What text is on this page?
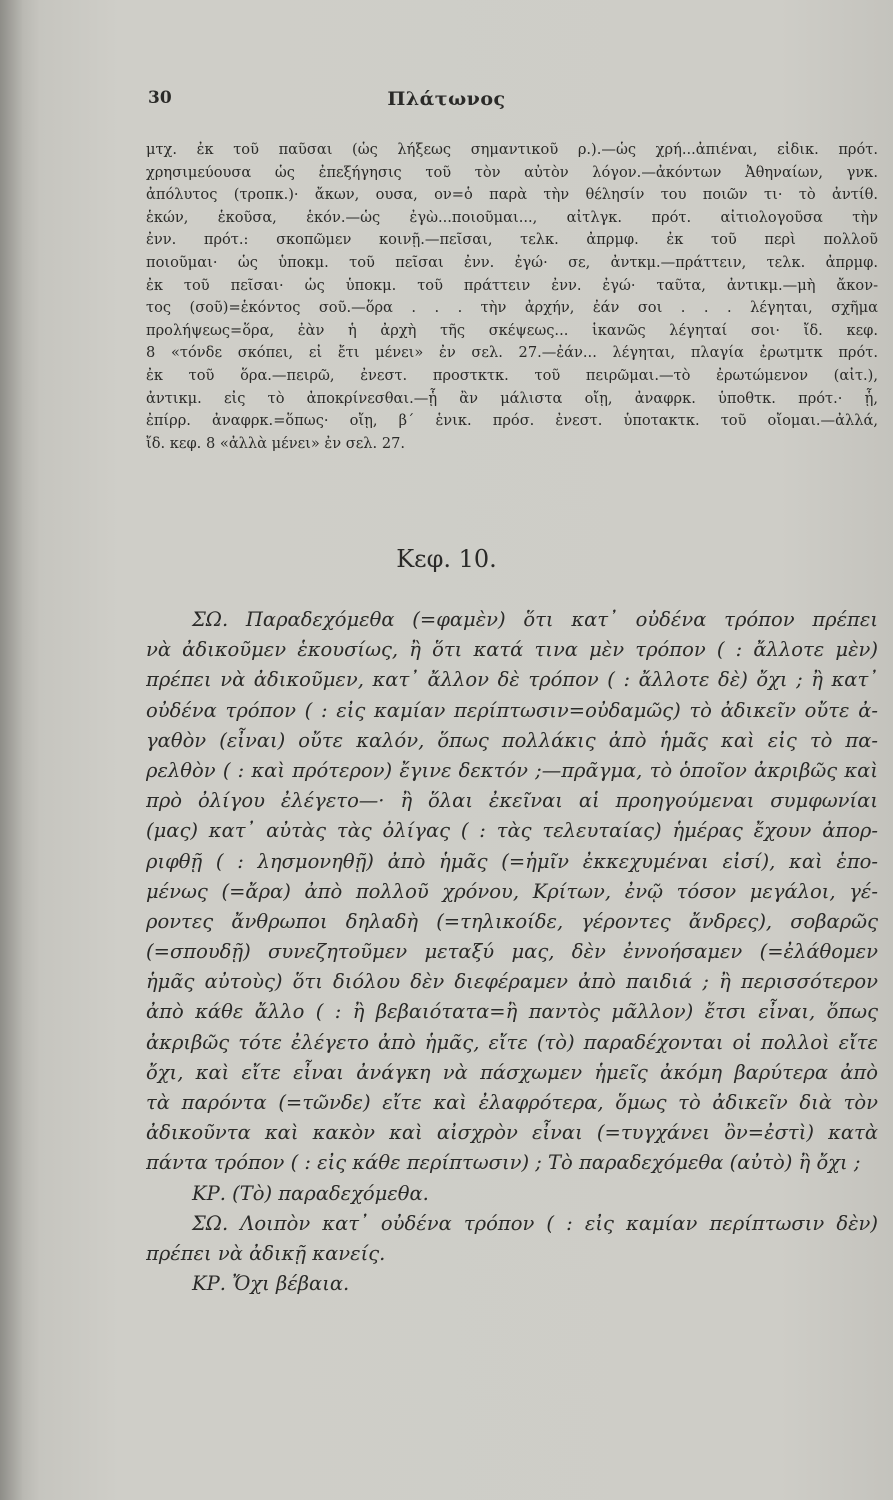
30	Πλάτωνος
μτχ. ἐκ τοῦ παῦσαι (ὡς λήξεως σημαντικοῦ ρ.).—ὡς χρή...ἀπιέναι, εἰδικ. πρότ.
χρησιμεύουσα ὡς ἐπεξήγησις τοῦ τὸν αὐτὸν λόγον.—ἀκόντων Ἀθηναίων, γνκ.
ἀπόλυτος (τροπκ.)· ἄκων, ουσα, ον=ὁ παρὰ τὴν θέλησίν του ποιῶν τι· τὸ ἀντίθ.
ἑκών, ἑκοῦσα, ἑκόν.—ὡς ἐγὼ...ποιοῦμαι..., αἰτλγκ. πρότ. αἰτιολογοῦσα τὴν
ἐνν. πρότ.: σκοπῶμεν κοινῇ.—πεῖσαι, τελκ. ἀπρμφ. ἐκ τοῦ περὶ πολλοῦ
ποιοῦμαι· ὡς ὑποκμ. τοῦ πεῖσαι ἐνν. ἐγώ· σε, ἀντκμ.—πράττειν, τελκ. ἀπρμφ.
ἐκ τοῦ πεῖσαι· ὡς ὑποκμ. τοῦ πράττειν ἐνν. ἐγώ· ταῦτα, ἀντικμ.—μὴ ἄκον-
τος (σοῦ)=ἑκόντος σοῦ.—ὅρα . . . τὴν ἀρχήν, ἐάν σοι . . . λέγηται, σχῆμα
προλήψεως=ὅρα, ἐὰν ἡ ἀρχὴ τῆς σκέψεως... ἱκανῶς λέγηταί σοι· ἴδ. κεφ.
8 «τόνδε σκόπει, εἰ ἔτι μένει» ἐν σελ. 27.—ἐάν... λέγηται, πλαγία ἐρωτμτκ πρότ.
ἐκ τοῦ ὅρα.—πειρῶ, ἐνεστ. προστκτκ. τοῦ πειρῶμαι.—τὸ ἐρωτώμενον (αἰτ.),
ἀντικμ. εἰς τὸ ἀποκρίνεσθαι.—ᾗ ἂν μάλιστα οἴῃ, ἀναφρκ. ὑποθτκ. πρότ.· ᾗ,
ἐπίρρ. ἀναφρκ.=ὅπως· οἴῃ, β΄ ἑνικ. πρόσ. ἐνεστ. ὑποτακτκ. τοῦ οἴομαι.—ἀλλά,
ἴδ. κεφ. 8 «ἀλλὰ μένει» ἐν σελ. 27.
Κεφ. 10.
ΣΩ. Παραδεχόμεθα (=φαμὲν) ὅτι κατ᾽ οὐδένα τρόπον πρέπει
νὰ ἀδικοῦμεν ἑκουσίως, ἢ ὅτι κατά τινα μὲν τρόπον ( : ἄλλοτε μὲν)
πρέπει νὰ ἀδικοῦμεν, κατ᾽ ἄλλον δὲ τρόπον ( : ἄλλοτε δὲ) ὄχι ; ἢ κατ᾽
οὐδένα τρόπον ( : εἰς καμίαν περίπτωσιν=οὐδαμῶς) τὸ ἀδικεῖν οὔτε ἀ-
γαθὸν (εἶναι) οὔτε καλόν, ὅπως πολλάκις ἀπὸ ἡμᾶς καὶ εἰς τὸ πα-
ρελθὸν ( : καὶ πρότερον) ἔγινε δεκτόν ;—πρᾶγμα, τὸ ὁποῖον ἀκριβῶς καὶ
πρὸ ὀλίγου ἐλέγετο—· ἢ ὅλαι ἐκεῖναι αἱ προηγούμεναι συμφωνίαι
(μας) κατ᾽ αὐτὰς τὰς ὀλίγας ( : τὰς τελευταίας) ἡμέρας ἔχουν ἀπορ-
ριφθῇ ( : λησμονηθῇ) ἀπὸ ἡμᾶς (=ἡμῖν ἐκκεχυμέναι εἰσί), καὶ ἑπο-
μένως (=ἄρα) ἀπὸ πολλοῦ χρόνου, Κρίτων, ἐνῷ τόσον μεγάλοι, γέ-
ροντες ἄνθρωποι δηλαδὴ (=τηλικοίδε, γέροντες ἄνδρες), σοβαρῶς
(=σπουδῇ) συνεζητοῦμεν μεταξύ μας, δὲν ἐννοήσαμεν (=ἐλάθομεν
ἡμᾶς αὐτοὺς) ὅτι διόλου δὲν διεφέραμεν ἀπὸ παιδιά ; ἢ περισσότερον
ἀπὸ κάθε ἄλλο ( : ἢ βεβαιότατα=ἢ παντὸς μᾶλλον) ἔτσι εἶναι, ὅπως
ἀκριβῶς τότε ἐλέγετο ἀπὸ ἡμᾶς, εἴτε (τὸ) παραδέχονται οἱ πολλοὶ εἴτε
ὄχι, καὶ εἴτε εἶναι ἀνάγκη νὰ πάσχωμεν ἡμεῖς ἀκόμη βαρύτερα ἀπὸ
τὰ παρόντα (=τῶνδε) εἴτε καὶ ἐλαφρότερα, ὅμως τὸ ἀδικεῖν διὰ τὸν
ἀδικοῦντα καὶ κακὸν καὶ αἰσχρὸν εἶναι (=τυγχάνει ὂν=ἐστὶ) κατὰ
πάντα τρόπον ( : εἰς κάθε περίπτωσιν) ; Τὸ παραδεχόμεθα (αὐτὸ) ἢ ὄχι ;
ΚΡ. (Τὸ) παραδεχόμεθα.
ΣΩ. Λοιπὸν κατ᾽ οὐδένα τρόπον ( : εἰς καμίαν περίπτωσιν δὲν)
πρέπει νὰ ἀδικῇ κανείς.
ΚΡ. Ὄχι βέβαια.
